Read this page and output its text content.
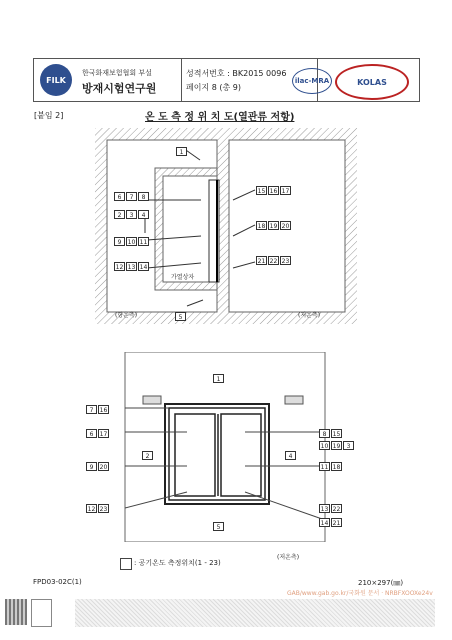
FILK
한국화재보험협회 부설
방재시험연구원
성적서번호 : BK2015 0096
페이지 8 (총 9)
ilac-MRA	KOLAS
[붙임 2]	온 도 측 정 위 치 도(열관류 저항)
가열상자
(항온측)	(저온측)
1
5
6	7	8
2	3	4
9	10 11
12 13 14
15 16 17
18 19 20
21 22 23
1
2	4
5
7	16
6	17
9	20
12 23
8	15
10 19	3
11 18
13 22
14 21
(저온측)
: 공기온도 측정위치(1 - 23)
FPD03-02C(1)	210×297(㎜)
GAB/www.gab.go.kr/국화원 문서 · NRBFXOOXe24v
